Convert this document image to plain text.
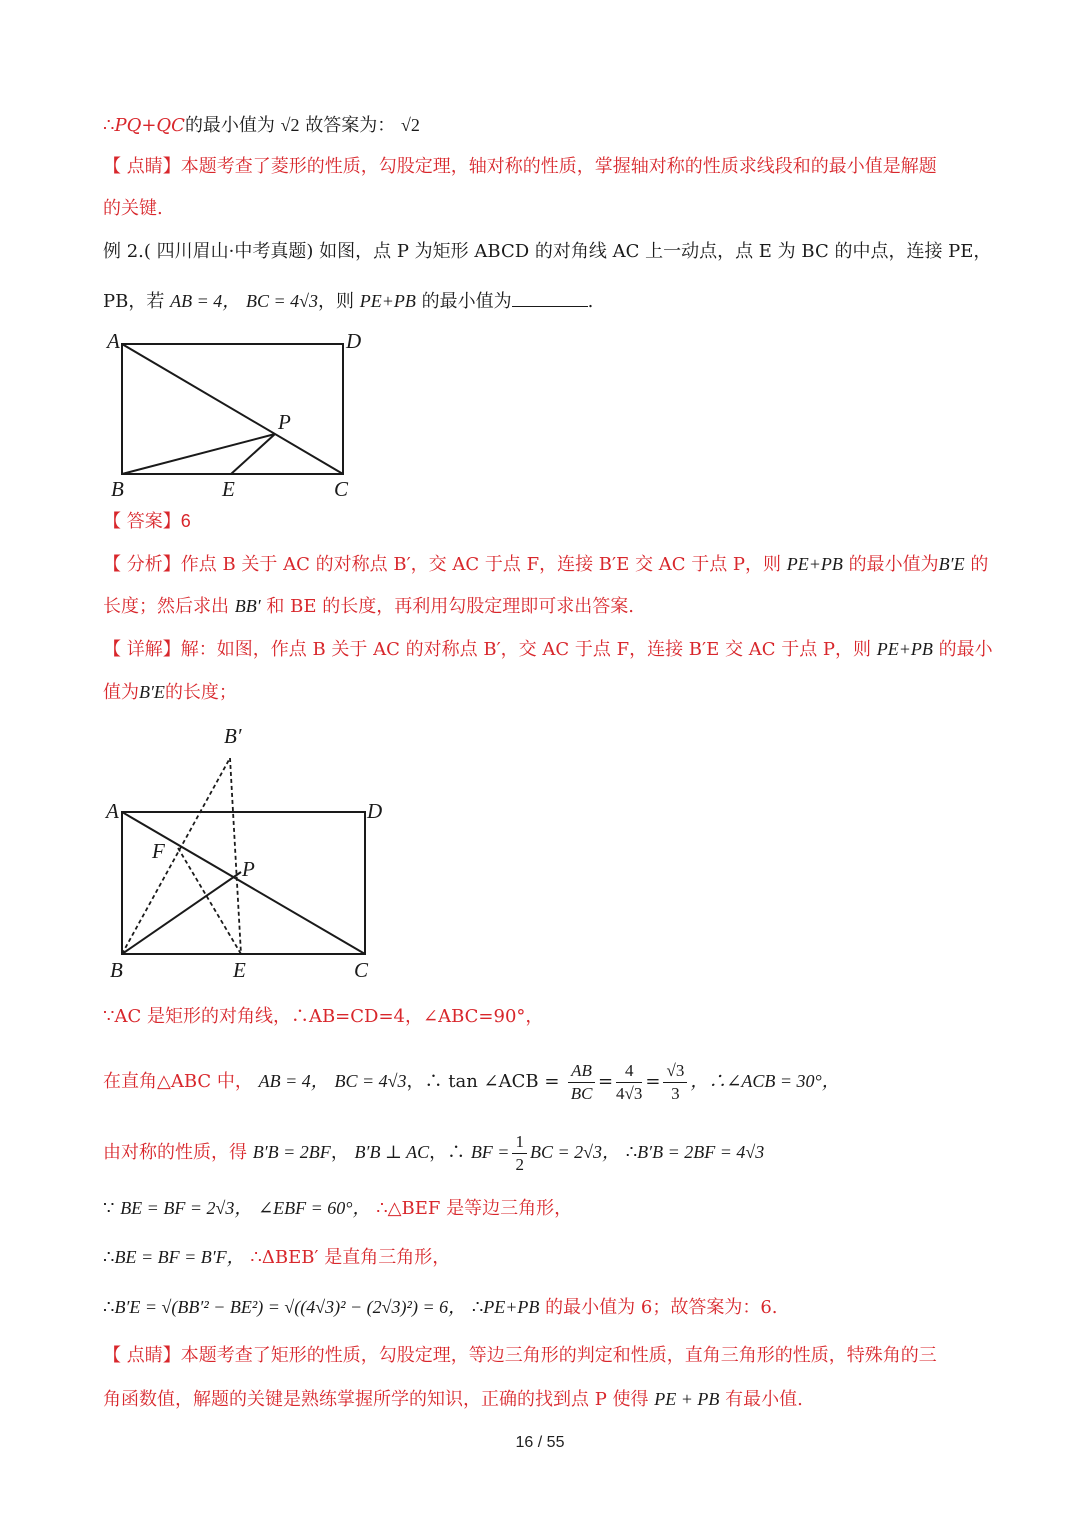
∴PQ+QC的最小值为 √2 故答案为： √2
【 点睛】本题考查了菱形的性质，勾股定理，轴对称的性质，掌握轴对称的性质求线段和的最小值是解题
的关键.
例 2.( 四川眉山·中考真题) 如图，点 P 为矩形 ABCD 的对角线 AC 上一动点，点 E 为 BC 的中点，连接 PE，
PB，若 AB = 4， BC = 4√3，则 PE+PB 的最小值为	.
A	D
P
B	E	C
【 答案】6
【 分析】作点 B 关于 AC 的对称点 B′，交 AC 于点 F，连接 B′E 交 AC 于点 P，则 PE+PB 的最小值为B′E 的
长度；然后求出 BB′ 和 BE 的长度，再利用勾股定理即可求出答案.
【 详解】解：如图，作点 B 关于 AC 的对称点 B′，交 AC 于点 F，连接 B′E 交 AC 于点 P，则 PE+PB 的最小
值为B′E的长度；
B′
A	D
F
P
B	E	C
∵AC 是矩形的对角线，∴AB=CD=4，∠ABC=90°，
在直角△ABC 中， AB = 4， BC = 4√3，∴ tan ∠ACB = $\frac{AB}{BC} = \frac{4}{4√3} = \frac{√3}{3}$ ，∴∠ACB = 30°，
由对称的性质，得 B′B = 2BF， B′B ⊥ AC，∴ BF = $\frac{1}{2}$ BC = 2√3， ∴B′B = 2BF = 4√3
∵ BE = BF = 2√3， ∠EBF = 60°， ∴△BEF 是等边三角形，
∴BE = BF = B′F， ∴ΔBEB′ 是直角三角形，
∴B′E = √(BB′² − BE²) = √((4√3)² − (2√3)²) = 6， ∴PE+PB 的最小值为 6；故答案为：6.
【 点睛】本题考查了矩形的性质，勾股定理，等边三角形的判定和性质，直角三角形的性质，特殊角的三
角函数值，解题的关键是熟练掌握所学的知识，正确的找到点 P 使得 PE + PB 有最小值.
16 / 55
